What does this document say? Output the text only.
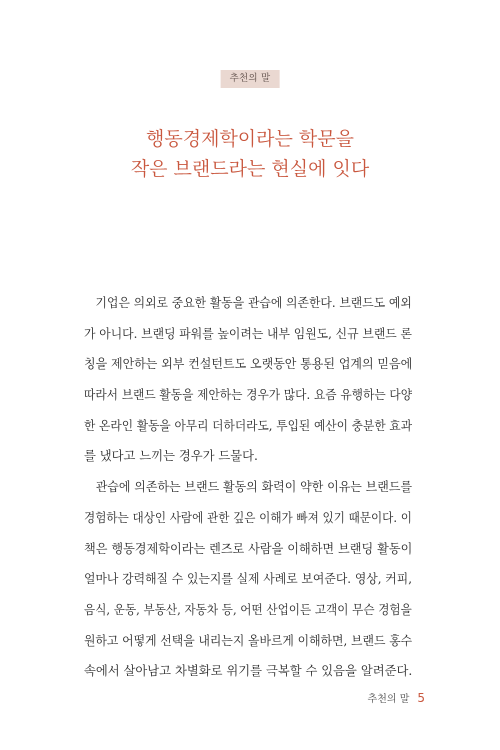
추천의 말
행동경제학이라는 학문을
작은 브랜드라는 현실에 잇다
기업은 의외로 중요한 활동을 관습에 의존한다. 브랜드도 예외
가 아니다. 브랜딩 파워를 높이려는 내부 임원도, 신규 브랜드 론
칭을 제안하는 외부 컨설턴트도 오랫동안 통용된 업계의 믿음에
따라서 브랜드 활동을 제안하는 경우가 많다. 요즘 유행하는 다양
한 온라인 활동을 아무리 더하더라도, 투입된 예산이 충분한 효과
를 냈다고 느끼는 경우가 드물다.
관습에 의존하는 브랜드 활동의 화력이 약한 이유는 브랜드를
경험하는 대상인 사람에 관한 깊은 이해가 빠져 있기 때문이다. 이
책은 행동경제학이라는 렌즈로 사람을 이해하면 브랜딩 활동이
얼마나 강력해질 수 있는지를 실제 사례로 보여준다. 영상, 커피,
음식, 운동, 부동산, 자동차 등, 어떤 산업이든 고객이 무슨 경험을
원하고 어떻게 선택을 내리는지 올바르게 이해하면, 브랜드 홍수
속에서 살아남고 차별화로 위기를 극복할 수 있음을 알려준다.
추천의 말 5
